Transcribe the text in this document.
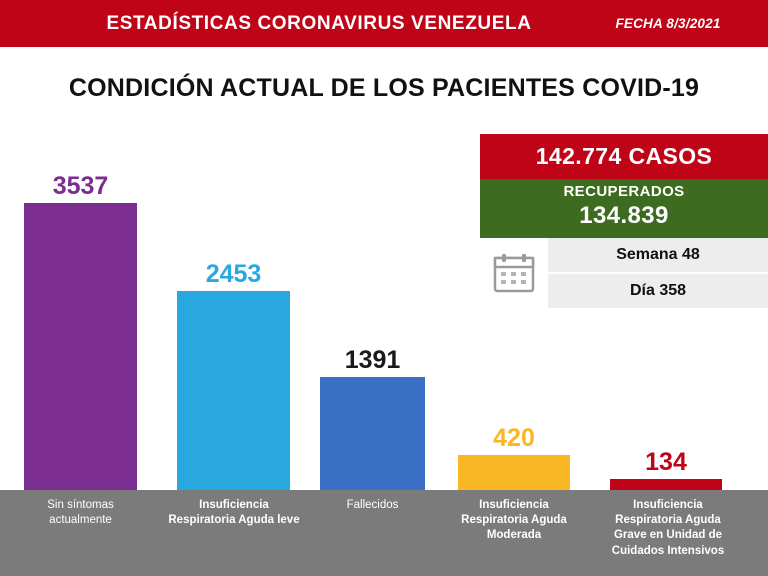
ESTADÍSTICAS CORONAVIRUS VENEZUELA	FECHA 8/3/2021
CONDICIÓN ACTUAL DE LOS PACIENTES COVID-19
3537
2453
1391
420
134
142.774 CASOS
RECUPERADOS
134.839
Semana 48
Día 358
Sin síntomas
actualmente
Insuficiencia
Respiratoria Aguda leve
Fallecidos	Insuficiencia
Respiratoria Aguda
Moderada
Insuficiencia
Respiratoria Aguda
Grave en Unidad de
Cuidados Intensivos
